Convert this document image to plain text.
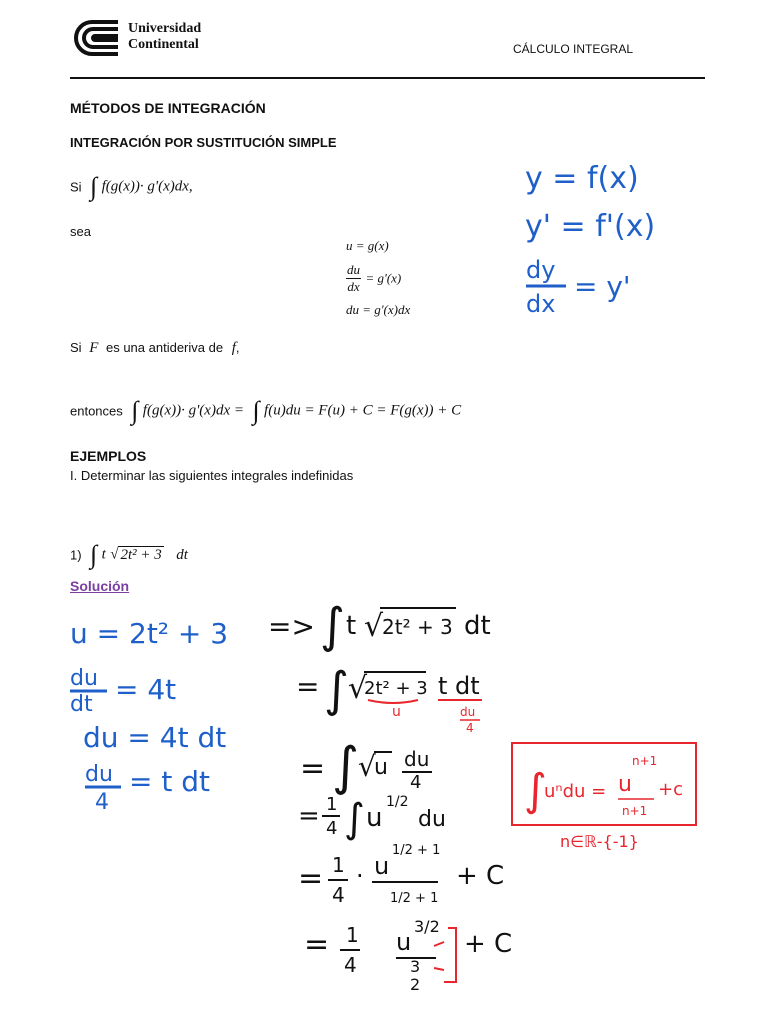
Universidad
Continental	CÁLCULO INTEGRAL
MÉTODOS DE INTEGRACIÓN
INTEGRACIÓN POR SUSTITUCIÓN SIMPLE
Si ∫ f(g(x))· g'(x)dx,
sea
u = g(x)
$\frac{du}{dx} = g'(x)$
du = g'(x)dx
Si F es una antideriva de f,
entonces ∫ f(g(x))· g'(x)dx = ∫ f(u)du = F(u) + C = F(g(x)) + C
EJEMPLOS
I. Determinar las siguientes integrales indefinidas
1) ∫ t √ 2t² + 3 dt
Solución
y = f(x)
y' = f'(x)
dy
dx
= y'
u = 2t² + 3
du
dt = 4t
du = 4t dt
du
4
= t dt
=> ∫ t √
2t² + 3 dt
= ∫
√
2t² + 3 t dt
= ∫
√
u du
4
= 1
4 ∫ u
1/2
du
= 1
4
· u
1/2 + 1
1/2 + 1
+ C
= 1
4
u
3/2
3
2
+ C
u	du
4
∫
uⁿdu = u
n+1
n+1
+c
n∈ℝ-{-1}
